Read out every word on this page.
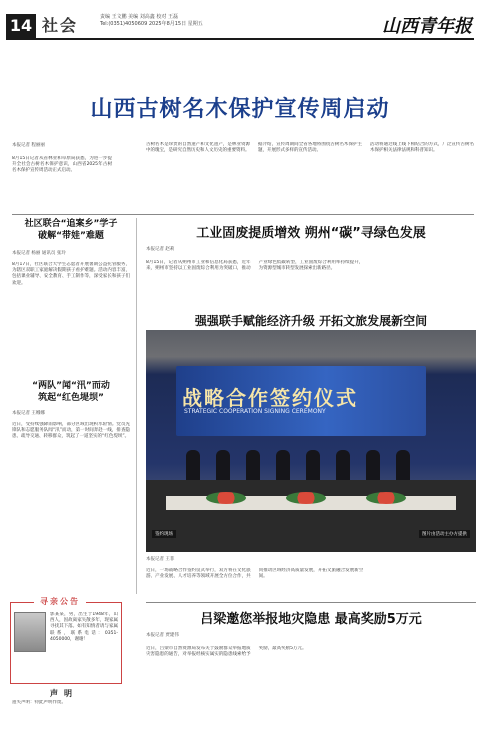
14 社会	责编 王文鹏 美编 刘高鑫 校对 王磊
Tel:(0351)4050609 2025年8月15日 星期五	山西青年报
山西古树名木保护宣传周启动
本报记者 程丽丽
8月15日记者从省林业和草原局获悉，为进一步提升全社会古树名木保护意识，山西省2025年古树名木保护宣传周活动正式启动。
古树名木是珍贵的自然遗产和文化遗产，是林业资源中的瑰宝，是研究自然历史和人文历史的重要资料。
据介绍，宣传周期间全省各地将围绕古树名木保护主题，开展形式多样的宣传活动。
活动将通过线上线下相结合的方式，广泛宣传古树名木保护相关法律法规和科普知识。
社区联合“追案乡”学子
破解“带娃”难题
本报记者 杨丽 通讯员 张玲
8月17日，社区联合大学生志愿者开展暑期公益托管服务，为辖区双职工家庭解决假期孩子看护难题。活动内容丰富，包括课业辅导、安全教育、手工制作等，深受家长和孩子们欢迎。
“两队”闻“汛”而动
筑起“红色堤坝”
本报记者 王娜娜
近日，受持续强降雨影响，部分区域出现积水险情。党员先锋队和志愿服务队闻“汛”而动，第一时间奔赴一线，排查隐患、疏导交通、转移群众，筑起了一道坚实的“红色堤坝”。
工业固废提质增效 朔州“碳”寻绿色发展
本报记者 赵莉
8月15日，记者从朔州市工业和信息化局获悉，近年来，朔州市坚持以工业固废综合利用为突破口，推动产业绿色低碳转型，工业固废综合利用率持续提升，为资源型城市转型发展探索出新路径。
强强联手赋能经济升级 开拓文旅发展新空间
战略合作签约仪式
STRATEGIC COOPERATION SIGNING CEREMONY
签约现场	图片由活动主办方提供
本报记者 王菲
近日，一场战略合作签约仪式举行，双方将在文化旅游、产业发展、人才培养等领域开展全方位合作，共同推动区域经济高质量发展，开拓文旅融合发展新空间。
吕梁邀您举报地灾隐患 最高奖励5万元
本报记者 贾建伟
近日，吕梁市自然资源局发布关于鼓励群众举报地质灾害隐患的通告，对举报经核实属实的隐患线索给予奖励，最高奖励5万元。
寻亲公告
郭某某，男，出生于1948年，山西人，因故离家失散多年，现家属寻找其下落。如有知情者请与家属联系，联系电话：0351-4050000，谢谢！
声明
遗失声明：特此声明作废。
